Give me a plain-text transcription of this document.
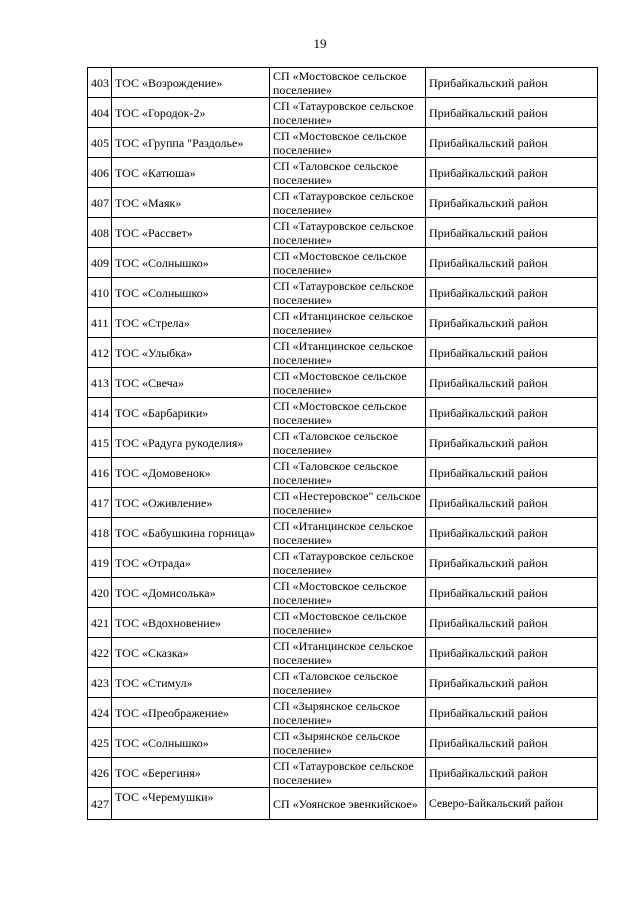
19
403	ТОС «Возрождение»	СП «Мостовское сельское поселение»	Прибайкальский район
404	ТОС «Городок-2»	СП «Татауровское сельское поселение»	Прибайкальский район
405	ТОС «Группа "Раздолье»	СП «Мостовское сельское поселение»	Прибайкальский район
406	ТОС «Катюша»	СП «Таловское сельское поселение»	Прибайкальский район
407	ТОС «Маяк»	СП «Татауровское сельское поселение»	Прибайкальский район
408	ТОС «Рассвет»	СП «Татауровское сельское поселение»	Прибайкальский район
409	ТОС «Солнышко»	СП «Мостовское сельское поселение»	Прибайкальский район
410	ТОС «Солнышко»	СП «Татауровское сельское поселение»	Прибайкальский район
411	ТОС «Стрела»	СП «Итанцинское сельское поселение»	Прибайкальский район
412	ТОС «Улыбка»	СП «Итанцинское сельское поселение»	Прибайкальский район
413	ТОС «Свеча»	СП «Мостовское сельское поселение»	Прибайкальский район
414	ТОС «Барбарики»	СП «Мостовское сельское поселение»	Прибайкальский район
415	ТОС «Радуга рукоделия»	СП «Таловское сельское поселение»	Прибайкальский район
416	ТОС «Домовенок»	СП «Таловское сельское поселение»	Прибайкальский район
417	ТОС «Оживление»	СП «Нестеровское" сельское поселение»	Прибайкальский район
418	ТОС «Бабушкина горница»	СП «Итанцинское сельское поселение»	Прибайкальский район
419	ТОС «Отрада»	СП «Татауровское сельское поселение»	Прибайкальский район
420	ТОС «Домисолька»	СП «Мостовское сельское поселение»	Прибайкальский район
421	ТОС «Вдохновение»	СП «Мостовское сельское поселение»	Прибайкальский район
422	ТОС «Сказка»	СП «Итанцинское сельское поселение»	Прибайкальский район
423	ТОС «Стимул»	СП «Таловское сельское поселение»	Прибайкальский район
424	ТОС «Преображение»	СП «Зырянское сельское поселение»	Прибайкальский район
425	ТОС «Солнышко»	СП «Зырянское сельское поселение»	Прибайкальский район
426	ТОС «Берегиня»	СП «Татауровское сельское поселение»	Прибайкальский район
427	ТОС «Черемушки»	СП «Уоянское эвенкийское»	Северо-Байкальский район
